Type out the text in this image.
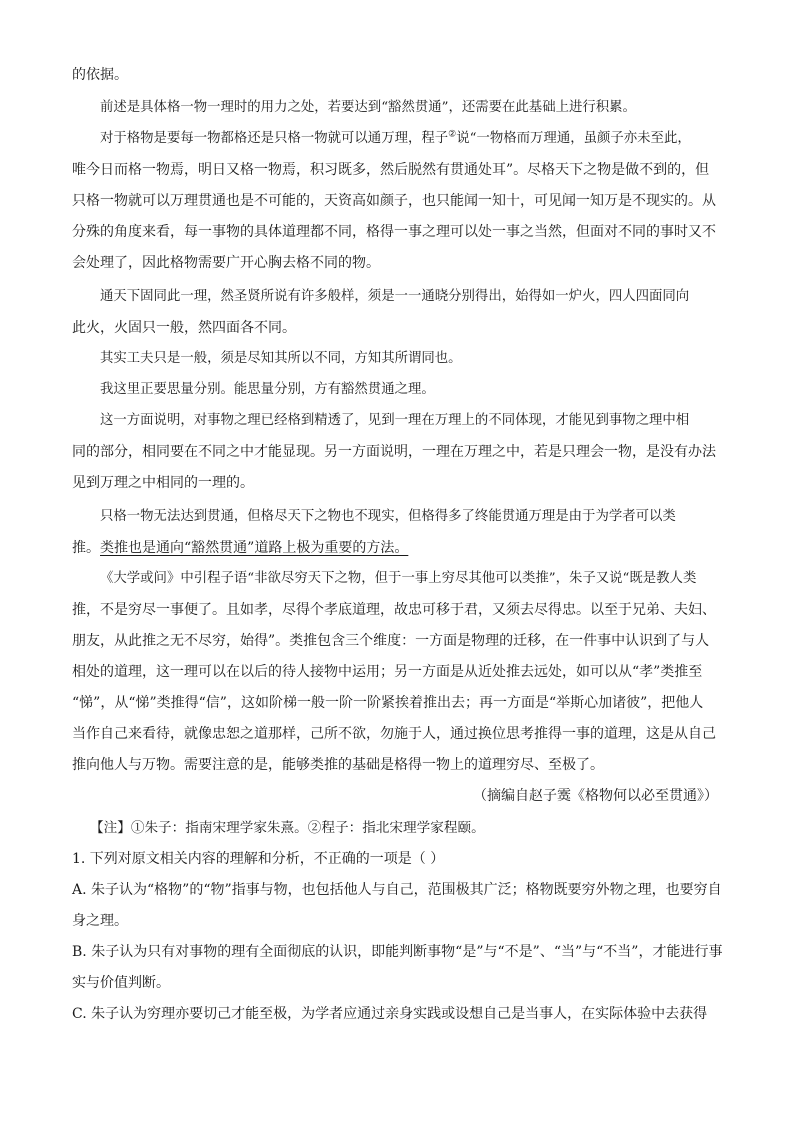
的依据。
前述是具体格一物一理时的用力之处，若要达到“豁然贯通”，还需要在此基础上进行积累。
对于格物是要每一物都格还是只格一物就可以通万理，程子②说“一物格而万理通，虽颜子亦未至此，
唯今日而格一物焉，明日又格一物焉，积习既多，然后脱然有贯通处耳”。尽格天下之物是做不到的，但
只格一物就可以万理贯通也是不可能的，天资高如颜子，也只能闻一知十，可见闻一知万是不现实的。从
分殊的角度来看，每一事物的具体道理都不同，格得一事之理可以处一事之当然，但面对不同的事时又不
会处理了，因此格物需要广开心胸去格不同的物。
通天下固同此一理，然圣贤所说有许多般样，须是一一通晓分别得出，始得如一炉火，四人四面同向
此火，火固只一般，然四面各不同。
其实工夫只是一般，须是尽知其所以不同，方知其所谓同也。
我这里正要思量分别。能思量分别，方有豁然贯通之理。
这一方面说明，对事物之理已经格到精透了，见到一理在万理上的不同体现，才能见到事物之理中相
同的部分，相同要在不同之中才能显现。另一方面说明，一理在万理之中，若是只理会一物，是没有办法
见到万理之中相同的一理的。
只格一物无法达到贯通，但格尽天下之物也不现实，但格得多了终能贯通万理是由于为学者可以类
推。类推也是通向“豁然贯通”道路上极为重要的方法。
《大学或问》中引程子语“非欲尽穷天下之物，但于一事上穷尽其他可以类推”，朱子又说“既是教人类
推，不是穷尽一事便了。且如孝，尽得个孝底道理，故忠可移于君，又须去尽得忠。以至于兄弟、夫妇、
朋友，从此推之无不尽穷，始得”。类推包含三个维度：一方面是物理的迁移，在一件事中认识到了与人
相处的道理，这一理可以在以后的待人接物中运用；另一方面是从近处推去远处，如可以从“孝”类推至
“悌”，从“悌”类推得“信”，这如阶梯一般一阶一阶紧挨着推出去；再一方面是“举斯心加诸彼”，把他人
当作自己来看待，就像忠恕之道那样，己所不欲，勿施于人，通过换位思考推得一事的道理，这是从自己
推向他人与万物。需要注意的是，能够类推的基础是格得一物上的道理穷尽、至极了。
（摘编自赵子霙《格物何以必至贯通》）
【注】①朱子：指南宋理学家朱熹。②程子：指北宋理学家程颐。
1. 下列对原文相关内容的理解和分析，不正确的一项是（ ）
A. 朱子认为“格物”的“物”指事与物，也包括他人与自己，范围极其广泛；格物既要穷外物之理，也要穷自
身之理。
B. 朱子认为只有对事物的理有全面彻底的认识，即能判断事物“是”与“不是”、“当”与“不当”，才能进行事
实与价值判断。
C. 朱子认为穷理亦要切己才能至极，为学者应通过亲身实践或设想自己是当事人，在实际体验中去获得
